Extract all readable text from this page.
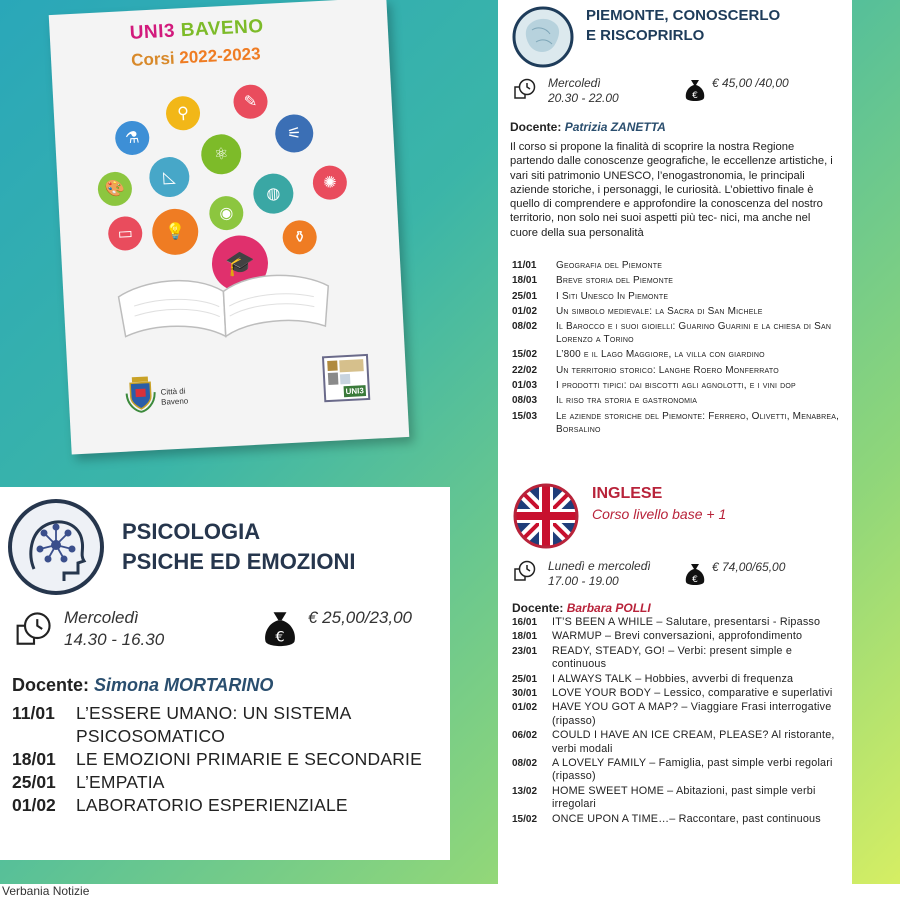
UNI3 BAVENO
Corsi 2022-2023
⚗
⚲
✎
⚟
◺
⚛
🎨	◍
✺
▭	💡
◉
⚱
🎓
Città di
Baveno
UNI3
PIEMONTE, CONOSCERLO
E RISCOPRIRLO
Mercoledì
20.30 - 22.00	€
€ 45,00 /40,00
Docente: Patrizia ZANETTA
Il corso si propone la finalità di scoprire la nostra Regione partendo dalle conoscenze geografiche, le eccellenze artistiche, i vari siti patrimonio UNESCO, l’enogastronomia, le principali aziende storiche, i personaggi, le curiosità. L’obiettivo finale è quello di comprendere e approfondire la conoscenza del nostro territorio, non solo nei suoi aspetti più tec- nici, ma anche nel cuore della sua personalità
11/01	Geografia del Piemonte
18/01	Breve storia del Piemonte
25/01	I Siti Unesco In Piemonte
01/02	Un simbolo medievale: la Sacra di San Michele
08/02	Il Barocco e i suoi gioielli: Guarino Guarini e la chiesa di San Lorenzo a Torino
15/02	L’800 e il Lago Maggiore, la villa con giardino
22/02	Un territorio storico: Langhe Roero Monferrato
01/03	I prodotti tipici: dai biscotti agli agnolotti, e i vini dop
08/03	Il riso tra storia e gastronomia
15/03	Le aziende storiche del Piemonte: Ferrero, Olivetti, Menabrea, Borsalino
INGLESE
Corso livello base + 1
Lunedì e mercoledì
17.00 - 19.00	€
€ 74,00/65,00
Docente: Barbara POLLI
16/01	IT’S BEEN A WHILE – Salutare, presentarsi - Ripasso
18/01	WARMUP – Brevi conversazioni, approfondimento
23/01	READY, STEADY, GO! – Verbi: present simple e continuous
25/01	I ALWAYS TALK – Hobbies, avverbi di frequenza
30/01	LOVE YOUR BODY – Lessico, comparative e superlativi
01/02	HAVE YOU GOT A MAP? – Viaggiare Frasi interrogative (ripasso)
06/02	COULD I HAVE AN ICE CREAM, PLEASE? Al ristorante, verbi modali
08/02	A LOVELY FAMILY – Famiglia, past simple verbi regolari (ripasso)
13/02	HOME SWEET HOME – Abitazioni, past simple verbi irregolari
15/02	ONCE UPON A TIME…– Raccontare, past continuous
PSICOLOGIA
PSICHE ED EMOZIONI
Mercoledì
14.30 - 16.30	€
€ 25,00/23,00
Docente: Simona MORTARINO
11/01	L’ESSERE UMANO: UN SISTEMA PSICOSOMATICO
18/01	LE EMOZIONI PRIMARIE E SECONDARIE
25/01	L’EMPATIA
01/02	LABORATORIO ESPERIENZIALE
Verbania Notizie
